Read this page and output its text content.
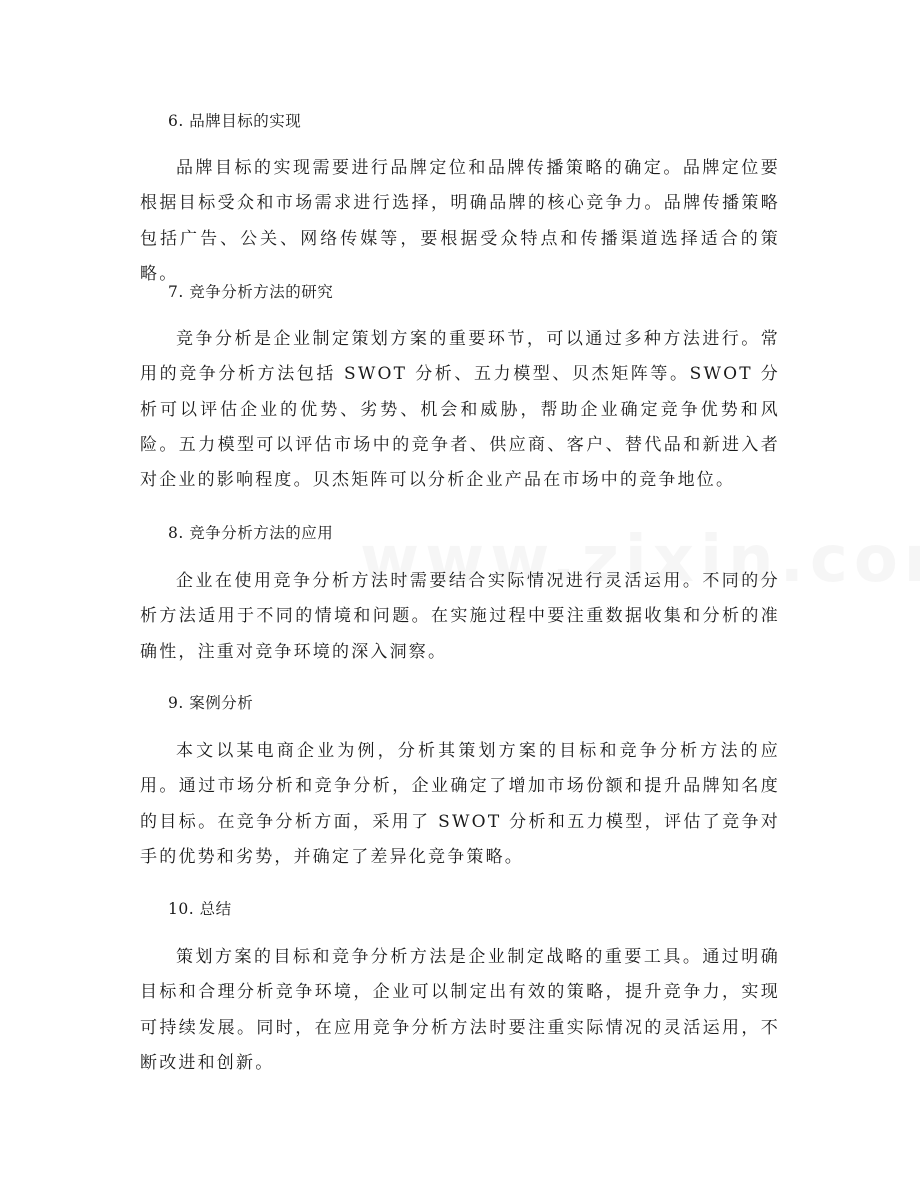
6. 品牌目标的实现

品牌目标的实现需要进行品牌定位和品牌传播策略的确定。品牌定位要根据目标受众和市场需求进行选择，明确品牌的核心竞争力。品牌传播策略包括广告、公关、网络传媒等，要根据受众特点和传播渠道选择适合的策略。

7. 竞争分析方法的研究

竞争分析是企业制定策划方案的重要环节，可以通过多种方法进行。常用的竞争分析方法包括 SWOT 分析、五力模型、贝杰矩阵等。SWOT 分析可以评估企业的优势、劣势、机会和威胁，帮助企业确定竞争优势和风险。五力模型可以评估市场中的竞争者、供应商、客户、替代品和新进入者对企业的影响程度。贝杰矩阵可以分析企业产品在市场中的竞争地位。

8. 竞争分析方法的应用

企业在使用竞争分析方法时需要结合实际情况进行灵活运用。不同的分析方法适用于不同的情境和问题。在实施过程中要注重数据收集和分析的准确性，注重对竞争环境的深入洞察。

9. 案例分析

本文以某电商企业为例，分析其策划方案的目标和竞争分析方法的应用。通过市场分析和竞争分析，企业确定了增加市场份额和提升品牌知名度的目标。在竞争分析方面，采用了 SWOT 分析和五力模型，评估了竞争对手的优势和劣势，并确定了差异化竞争策略。

10. 总结

策划方案的目标和竞争分析方法是企业制定战略的重要工具。通过明确目标和合理分析竞争环境，企业可以制定出有效的策略，提升竞争力，实现可持续发展。同时，在应用竞争分析方法时要注重实际情况的灵活运用，不断改进和创新。
